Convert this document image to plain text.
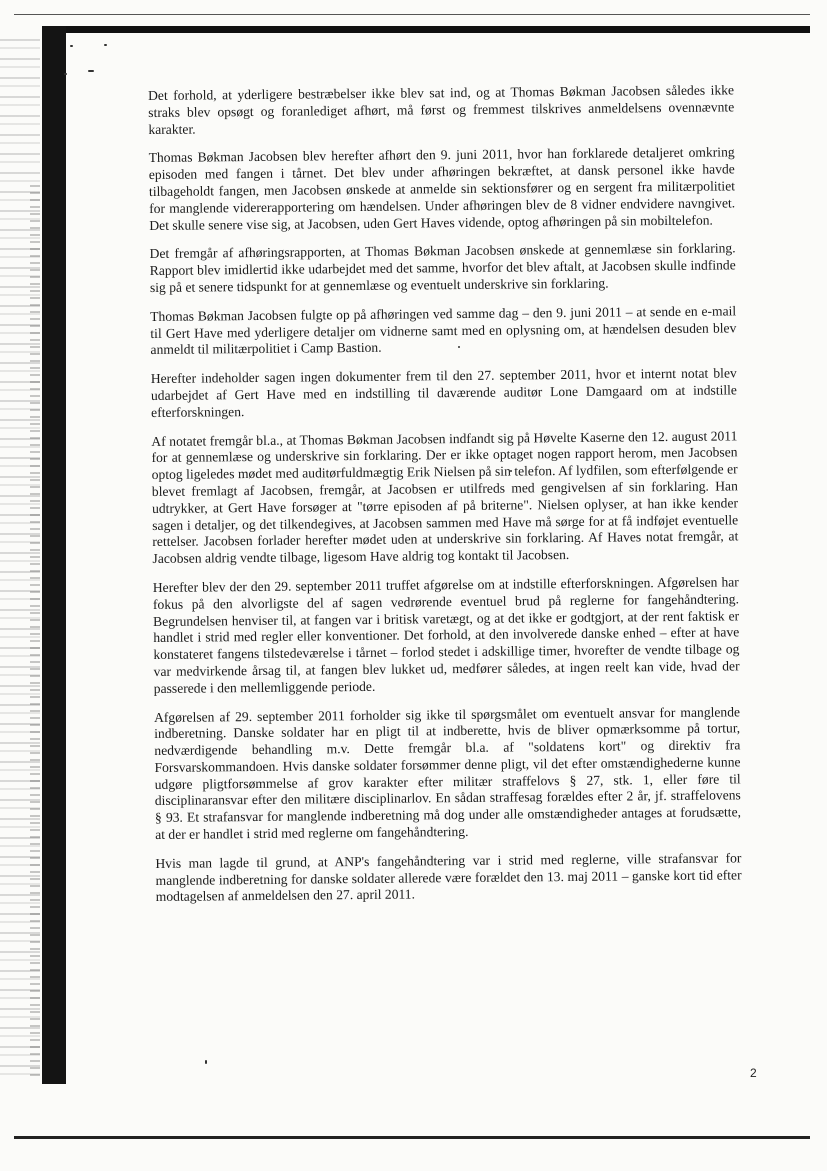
Det forhold, at yderligere bestræbelser ikke blev sat ind, og at Thomas Bøkman Jacobsen således ikke straks blev opsøgt og foranlediget afhørt, må først og fremmest tilskrives anmeldelsens ovennævnte karakter.

Thomas Bøkman Jacobsen blev herefter afhørt den 9. juni 2011, hvor han forklarede detaljeret omkring episoden med fangen i tårnet. Det blev under afhøringen bekræftet, at dansk personel ikke havde tilbageholdt fangen, men Jacobsen ønskede at anmelde sin sektionsfører og en sergent fra militærpolitiet for manglende vidererapportering om hændelsen. Under afhøringen blev de 8 vidner endvidere navngivet. Det skulle senere vise sig, at Jacobsen, uden Gert Haves vidende, optog afhøringen på sin mobiltelefon.

Det fremgår af afhøringsrapporten, at Thomas Bøkman Jacobsen ønskede at gennemlæse sin forklaring. Rapport blev imidlertid ikke udarbejdet med det samme, hvorfor det blev aftalt, at Jacobsen skulle indfinde sig på et senere tidspunkt for at gennemlæse og eventuelt underskrive sin forklaring.

Thomas Bøkman Jacobsen fulgte op på afhøringen ved samme dag – den 9. juni 2011 – at sende en e-mail til Gert Have med yderligere detaljer om vidnerne samt med en oplysning om, at hændelsen desuden blev anmeldt til militærpolitiet i Camp Bastion.

Herefter indeholder sagen ingen dokumenter frem til den 27. september 2011, hvor et internt notat blev udarbejdet af Gert Have med en indstilling til daværende auditør Lone Damgaard om at indstille efterforskningen.

Af notatet fremgår bl.a., at Thomas Bøkman Jacobsen indfandt sig på Høvelte Kaserne den 12. august 2011 for at gennemlæse og underskrive sin forklaring. Der er ikke optaget nogen rapport herom, men Jacobsen optog ligeledes mødet med auditørfuldmægtig Erik Nielsen på sin telefon. Af lydfilen, som efterfølgende er blevet fremlagt af Jacobsen, fremgår, at Jacobsen er utilfreds med gengivelsen af sin forklaring. Han udtrykker, at Gert Have forsøger at "tørre episoden af på briterne". Nielsen oplyser, at han ikke kender sagen i detaljer, og det tilkendegives, at Jacobsen sammen med Have må sørge for at få indføjet eventuelle rettelser. Jacobsen forlader herefter mødet uden at underskrive sin forklaring. Af Haves notat fremgår, at Jacobsen aldrig vendte tilbage, ligesom Have aldrig tog kontakt til Jacobsen.

Herefter blev der den 29. september 2011 truffet afgørelse om at indstille efterforskningen. Afgørelsen har fokus på den alvorligste del af sagen vedrørende eventuel brud på reglerne for fangehåndtering. Begrundelsen henviser til, at fangen var i britisk varetægt, og at det ikke er godtgjort, at der rent faktisk er handlet i strid med regler eller konventioner. Det forhold, at den involverede danske enhed – efter at have konstateret fangens tilstedeværelse i tårnet – forlod stedet i adskillige timer, hvorefter de vendte tilbage og var medvirkende årsag til, at fangen blev lukket ud, medfører således, at ingen reelt kan vide, hvad der passerede i den mellemliggende periode.

Afgørelsen af 29. september 2011 forholder sig ikke til spørgsmålet om eventuelt ansvar for manglende indberetning. Danske soldater har en pligt til at indberette, hvis de bliver opmærksomme på tortur, nedværdigende behandling m.v. Dette fremgår bl.a. af "soldatens kort" og direktiv fra Forsvarskommandoen. Hvis danske soldater forsømmer denne pligt, vil det efter omstændighederne kunne udgøre pligtforsømmelse af grov karakter efter militær straffelovs § 27, stk. 1, eller føre til disciplinaransvar efter den militære disciplinarlov. En sådan straffesag forældes efter 2 år, jf. straffelovens § 93. Et strafansvar for manglende indberetning må dog under alle omstændigheder antages at forudsætte, at der er handlet i strid med reglerne om fangehåndtering.

Hvis man lagde til grund, at ANP's fangehåndtering var i strid med reglerne, ville strafansvar for manglende indberetning for danske soldater allerede være forældet den 13. maj 2011 – ganske kort tid efter modtagelsen af anmeldelsen den 27. april 2011.

2
